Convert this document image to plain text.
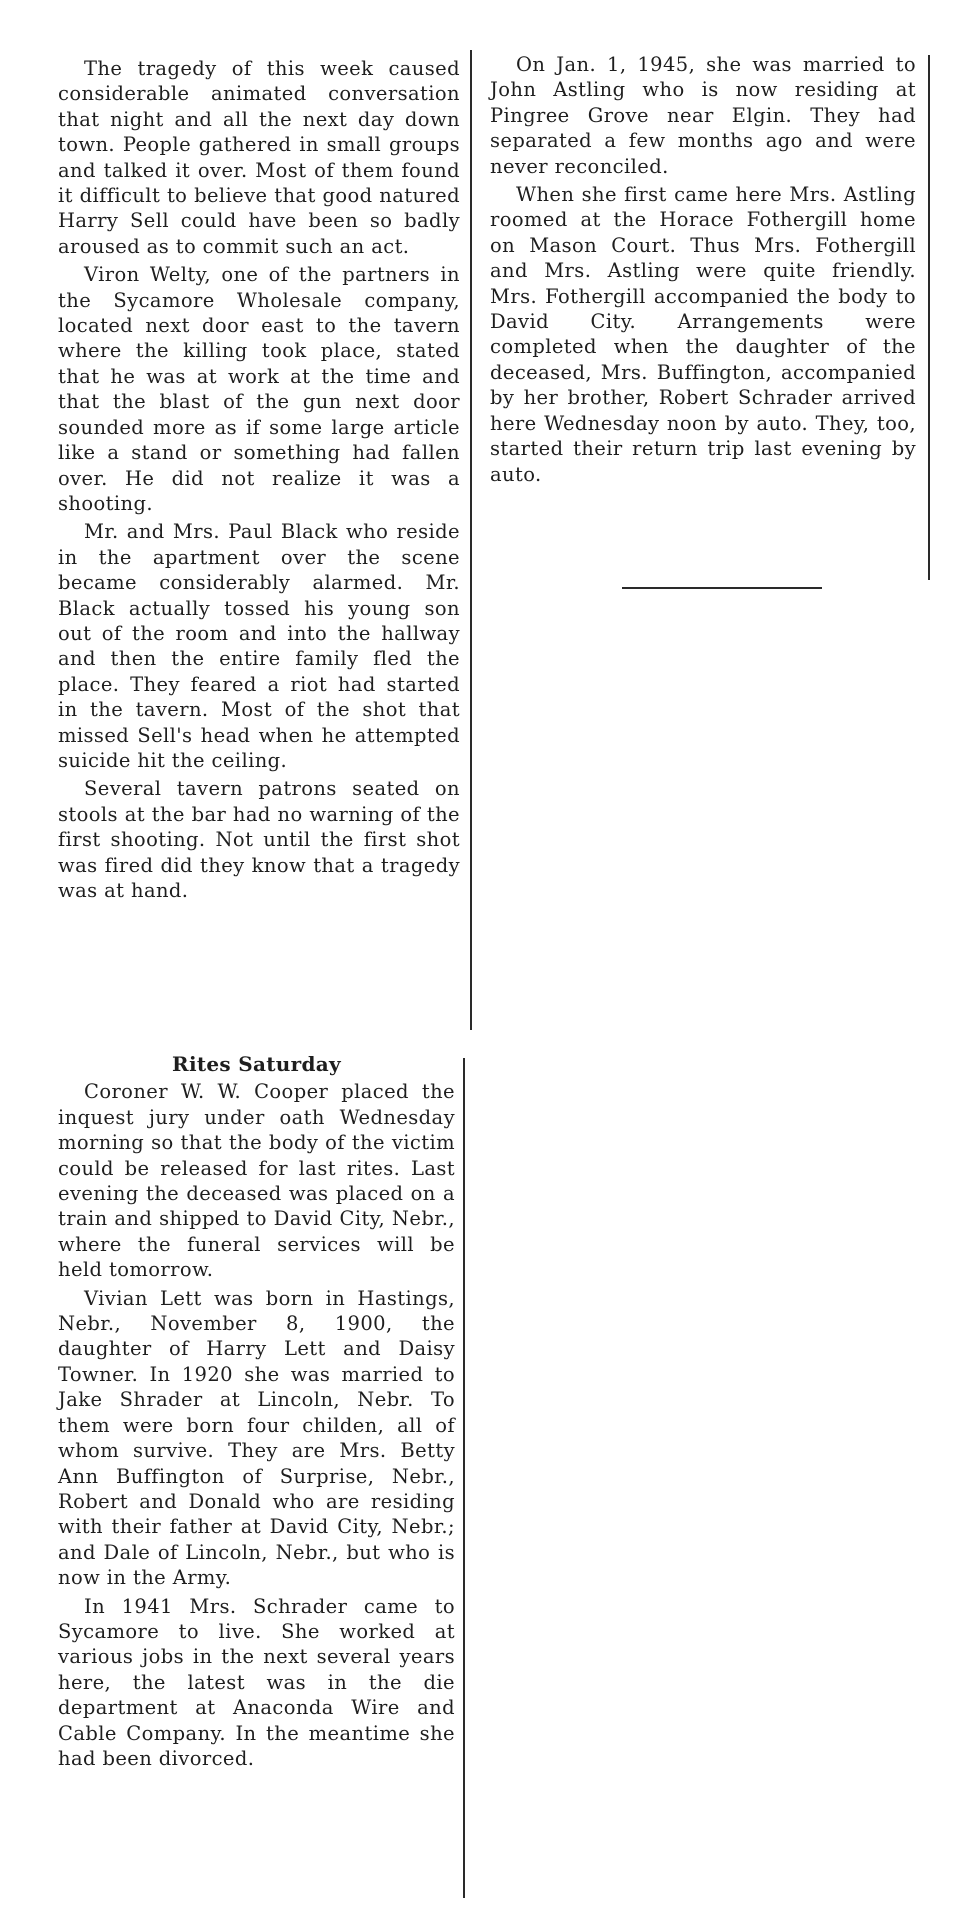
The tragedy of this week caused considerable animated conversation that night and all the next day down town. People gathered in small groups and talked it over. Most of them found it difficult to believe that good natured Harry Sell could have been so badly aroused as to commit such an act.

Viron Welty, one of the partners in the Sycamore Wholesale company, located next door east to the tavern where the killing took place, stated that he was at work at the time and that the blast of the gun next door sounded more as if some large article like a stand or something had fallen over. He did not realize it was a shooting.

Mr. and Mrs. Paul Black who reside in the apartment over the scene became considerably alarmed. Mr. Black actually tossed his young son out of the room and into the hallway and then the entire family fled the place. They feared a riot had started in the tavern. Most of the shot that missed Sell's head when he attempted suicide hit the ceiling.

Several tavern patrons seated on stools at the bar had no warning of the first shooting. Not until the first shot was fired did they know that a tragedy was at hand.

Rites Saturday

Coroner W. W. Cooper placed the inquest jury under oath Wednesday morning so that the body of the victim could be released for last rites. Last evening the deceased was placed on a train and shipped to David City, Nebr., where the funeral services will be held tomorrow.

Vivian Lett was born in Hastings, Nebr., November 8, 1900, the daughter of Harry Lett and Daisy Towner. In 1920 she was married to Jake Shrader at Lincoln, Nebr. To them were born four childen, all of whom survive. They are Mrs. Betty Ann Buffington of Surprise, Nebr., Robert and Donald who are residing with their father at David City, Nebr.; and Dale of Lincoln, Nebr., but who is now in the Army.

In 1941 Mrs. Schrader came to Sycamore to live. She worked at various jobs in the next several years here, the latest was in the die department at Anaconda Wire and Cable Company. In the meantime she had been divorced.

On Jan. 1, 1945, she was married to John Astling who is now residing at Pingree Grove near Elgin. They had separated a few months ago and were never reconciled.

When she first came here Mrs. Astling roomed at the Horace Fothergill home on Mason Court. Thus Mrs. Fothergill and Mrs. Astling were quite friendly. Mrs. Fothergill accompanied the body to David City. Arrangements were completed when the daughter of the deceased, Mrs. Buffington, accompanied by her brother, Robert Schrader arrived here Wednesday noon by auto. They, too, started their return trip last evening by auto.
